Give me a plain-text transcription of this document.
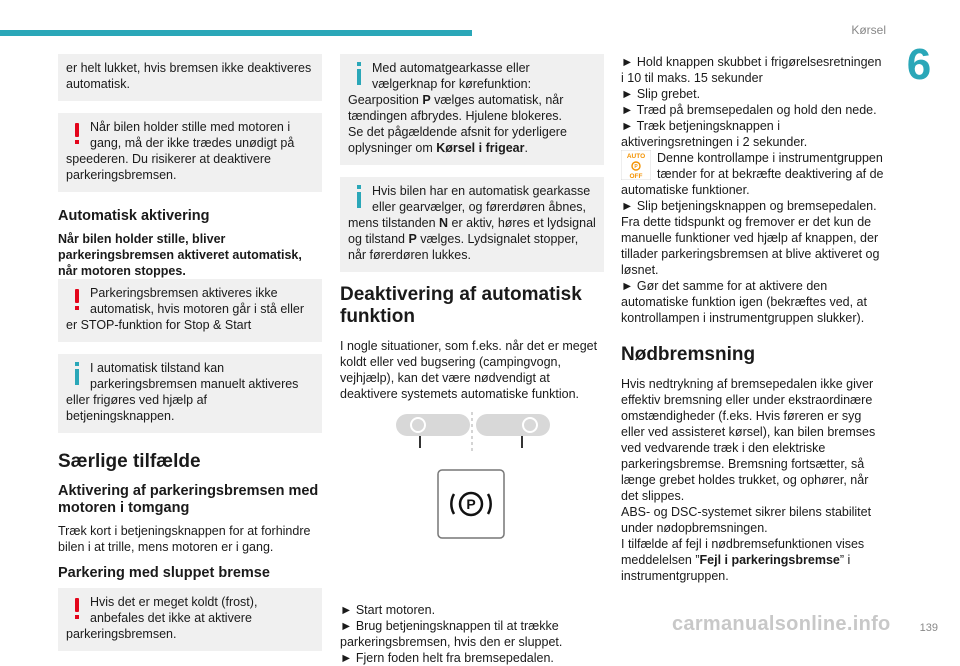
Kørsel
6

er helt lukket, hvis bremsen ikke deaktiveres automatisk.

Når bilen holder stille med motoren i gang, må der ikke trædes unødigt på speederen. Du risikerer at deaktivere parkeringsbremsen.

Automatisk aktivering

Når bilen holder stille, bliver parkeringsbremsen aktiveret automatisk, når motoren stoppes.

Parkeringsbremsen aktiveres ikke automatisk, hvis motoren går i stå eller er STOP-funktion for Stop & Start

I automatisk tilstand kan parkeringsbremsen manuelt aktiveres eller frigøres ved hjælp af betjeningsknappen.

Særlige tilfælde
Aktivering af parkeringsbremsen med motoren i tomgang

Træk kort i betjeningsknappen for at forhindre bilen i at trille, mens motoren er i gang.

Parkering med sluppet bremse

Hvis det er meget koldt (frost), anbefales det ikke at aktivere parkeringsbremsen.

Med automatgearkasse eller vælgerknap for kørefunktion: Gearposition P vælges automatisk, når tændingen afbrydes. Hjulene blokeres.
Se det pågældende afsnit for yderligere oplysninger om Kørsel i frigear.

Hvis bilen har en automatisk gearkasse eller gearvælger, og førerdøren åbnes, mens tilstanden N er aktiv, høres et lydsignal og tilstand P vælges. Lydsignalet stopper, når førerdøren lukkes.

Deaktivering af automatisk funktion

I nogle situationer, som f.eks. når det er meget koldt eller ved bugsering (campingvogn, vejhjælp), kan det være nødvendigt at deaktivere systemets automatiske funktion.

P

► Start motoren.

► Brug betjeningsknappen til at trække parkeringsbremsen, hvis den er sluppet.

► Fjern foden helt fra bremsepedalen.

► Hold knappen skubbet i frigørelsesretningen i 10 til maks. 15 sekunder

► Slip grebet.

► Træd på bremsepedalen og hold den nede.

► Træk betjeningsknappen i aktiveringsretningen i 2 sekunder.

AUTO
P
OFF

Denne kontrollampe i instrumentgruppen tænder for at bekræfte deaktivering af de automatiske funktioner.

► Slip betjeningsknappen og bremsepedalen.

Fra dette tidspunkt og fremover er det kun de manuelle funktioner ved hjælp af knappen, der tillader parkeringsbremsen at blive aktiveret og løsnet.

► Gør det samme for at aktivere den automatiske funktion igen (bekræftes ved, at kontrollampen i instrumentgruppen slukker).

Nødbremsning

Hvis nedtrykning af bremsepedalen ikke giver effektiv bremsning eller under ekstraordinære omstændigheder (f.eks. Hvis føreren er syg eller ved assisteret kørsel), kan bilen bremses ved vedvarende træk i den elektriske parkeringsbremse. Bremsning fortsætter, så længe grebet holdes trukket, og ophører, når det slippes.

ABS- og DSC-systemet sikrer bilens stabilitet under nødopbremsningen.

I tilfælde af fejl i nødbremsefunktionen vises meddelelsen ”Fejl i parkeringsbremse” i instrumentgruppen.

139
carmanualsonline.info
